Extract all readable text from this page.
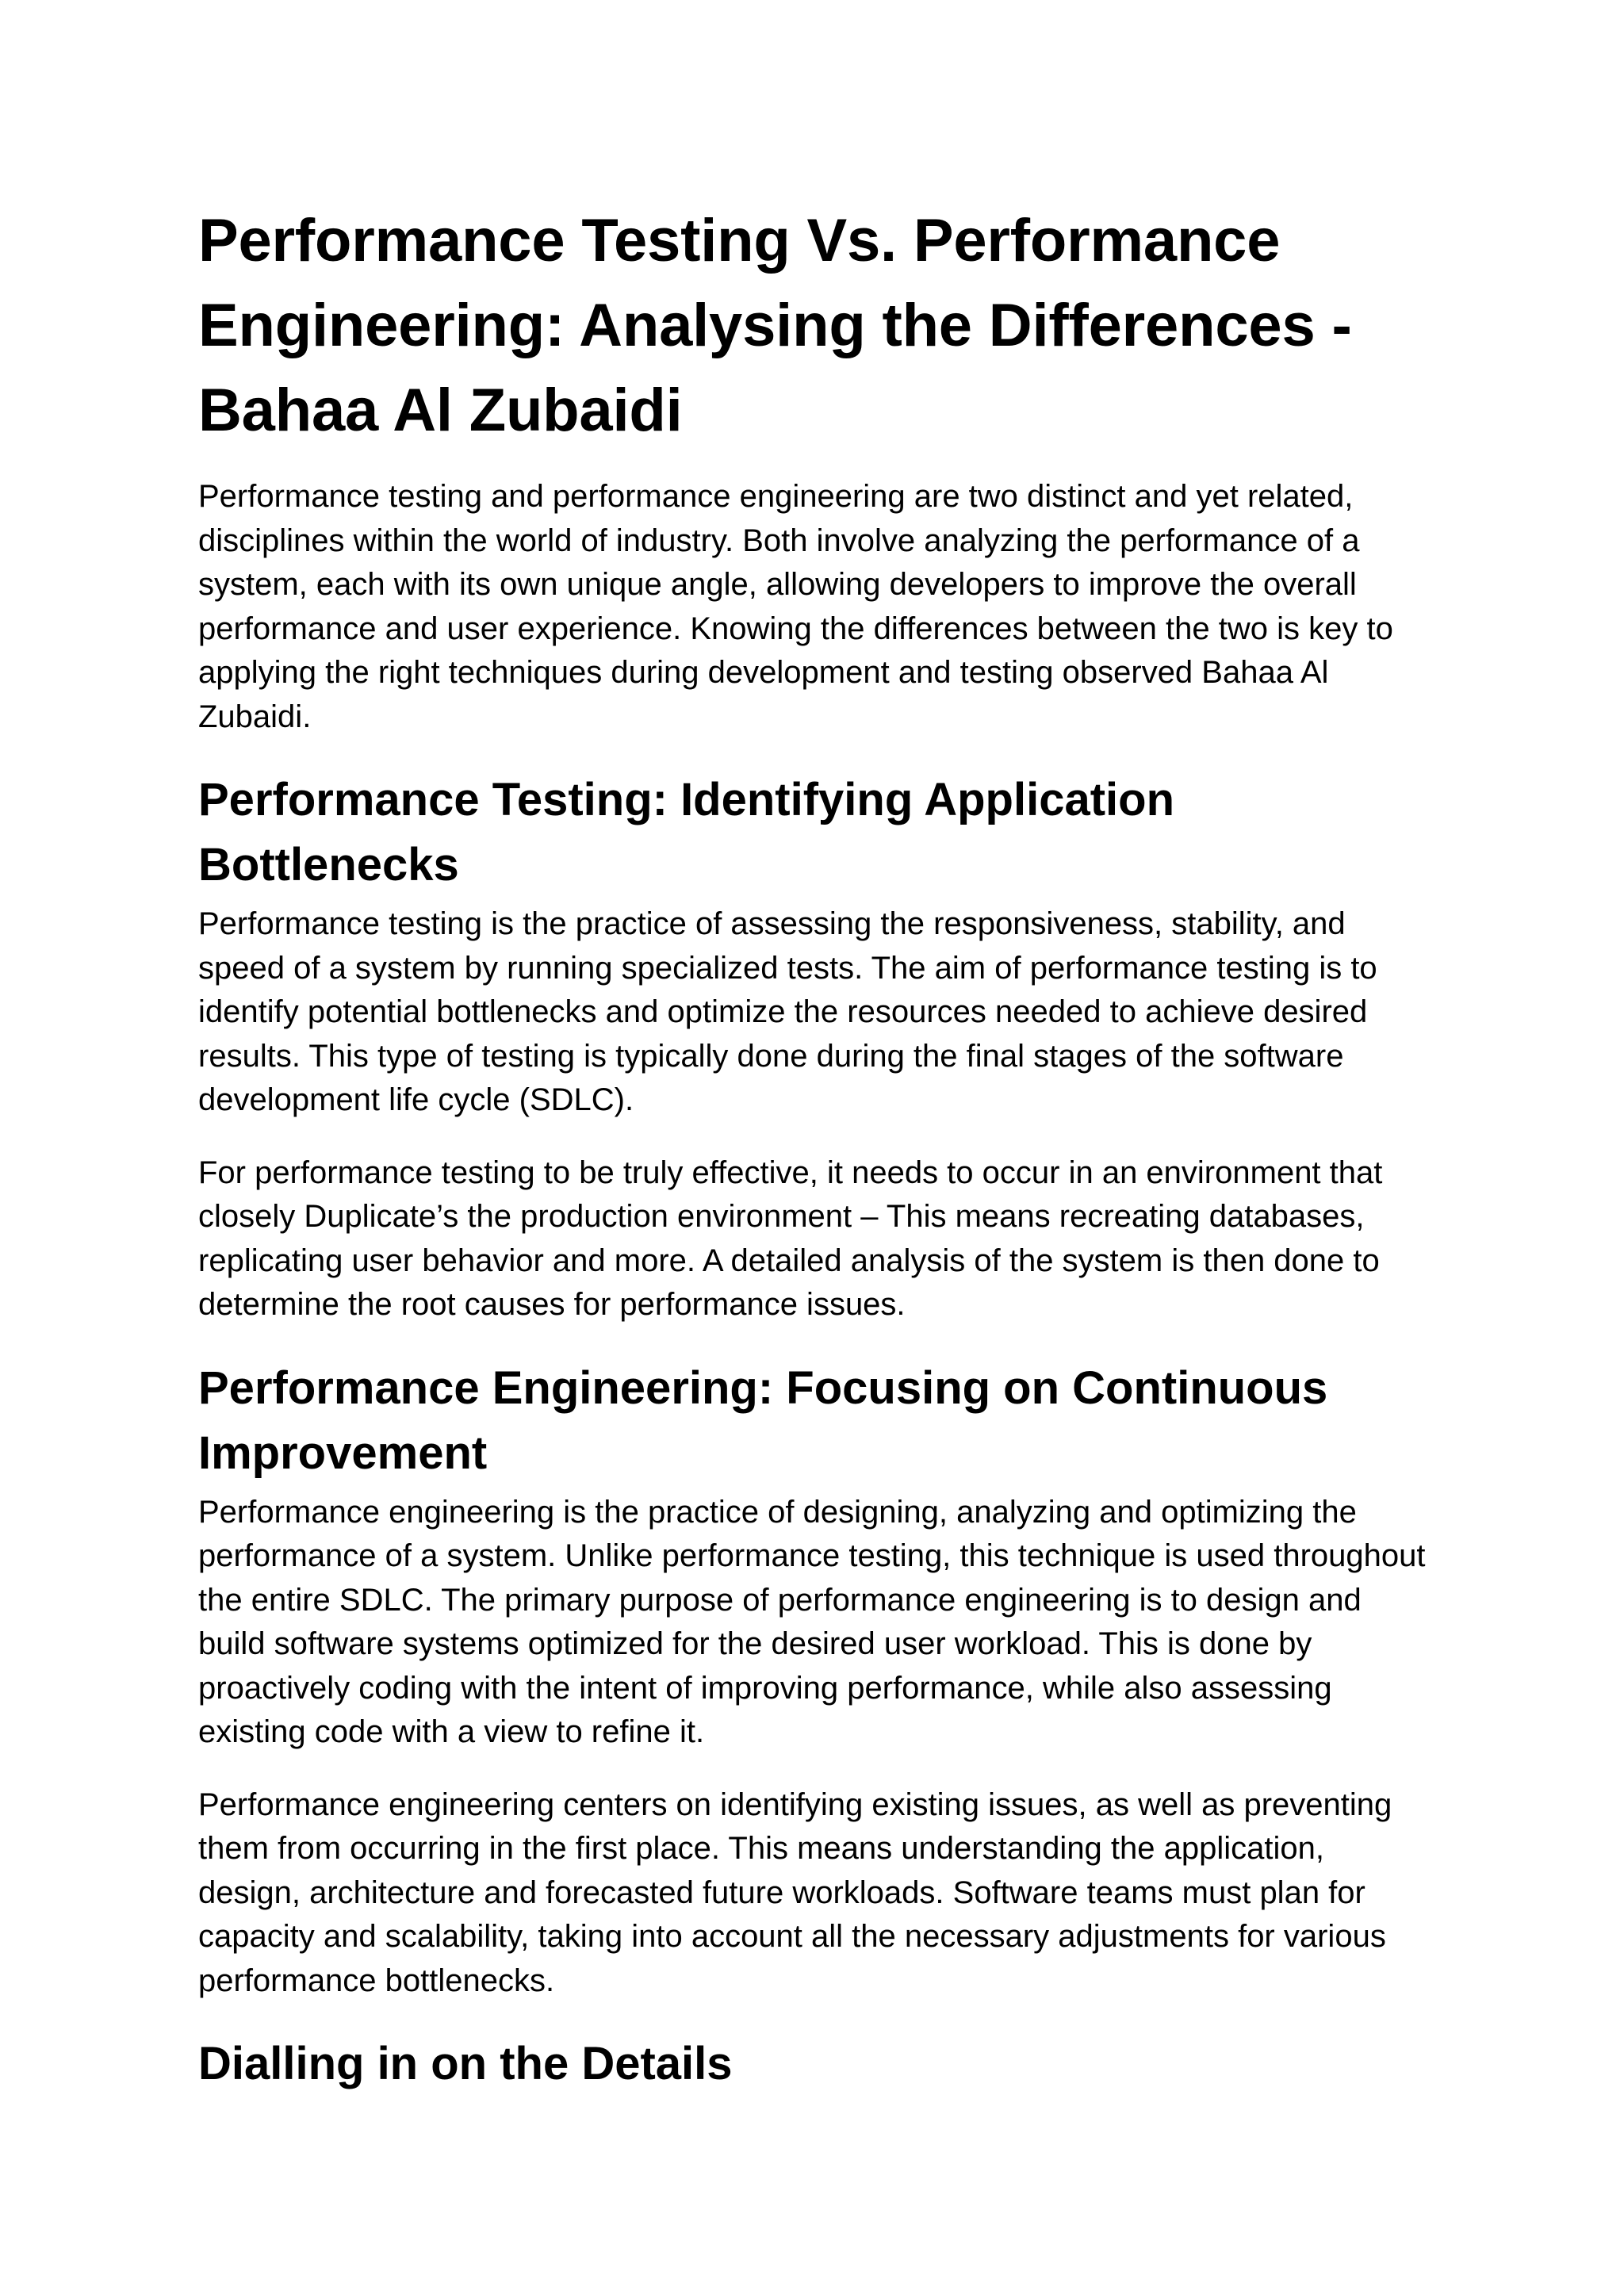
Performance Testing Vs. Performance Engineering: Analysing the Differences - Bahaa Al Zubaidi

Performance testing and performance engineering are two distinct and yet related, disciplines within the world of industry. Both involve analyzing the performance of a system, each with its own unique angle, allowing developers to improve the overall performance and user experience. Knowing the differences between the two is key to applying the right techniques during development and testing observed Bahaa Al Zubaidi.

Performance Testing: Identifying Application Bottlenecks

Performance testing is the practice of assessing the responsiveness, stability, and speed of a system by running specialized tests. The aim of performance testing is to identify potential bottlenecks and optimize the resources needed to achieve desired results. This type of testing is typically done during the final stages of the software development life cycle (SDLC).

For performance testing to be truly effective, it needs to occur in an environment that closely Duplicate’s the production environment – This means recreating databases, replicating user behavior and more. A detailed analysis of the system is then done to determine the root causes for performance issues.

Performance Engineering: Focusing on Continuous Improvement

Performance engineering is the practice of designing, analyzing and optimizing the performance of a system. Unlike performance testing, this technique is used throughout the entire SDLC. The primary purpose of performance engineering is to design and build software systems optimized for the desired user workload. This is done by proactively coding with the intent of improving performance, while also assessing existing code with a view to refine it.

Performance engineering centers on identifying existing issues, as well as preventing them from occurring in the first place. This means understanding the application, design, architecture and forecasted future workloads. Software teams must plan for capacity and scalability, taking into account all the necessary adjustments for various performance bottlenecks.

Dialling in on the Details
